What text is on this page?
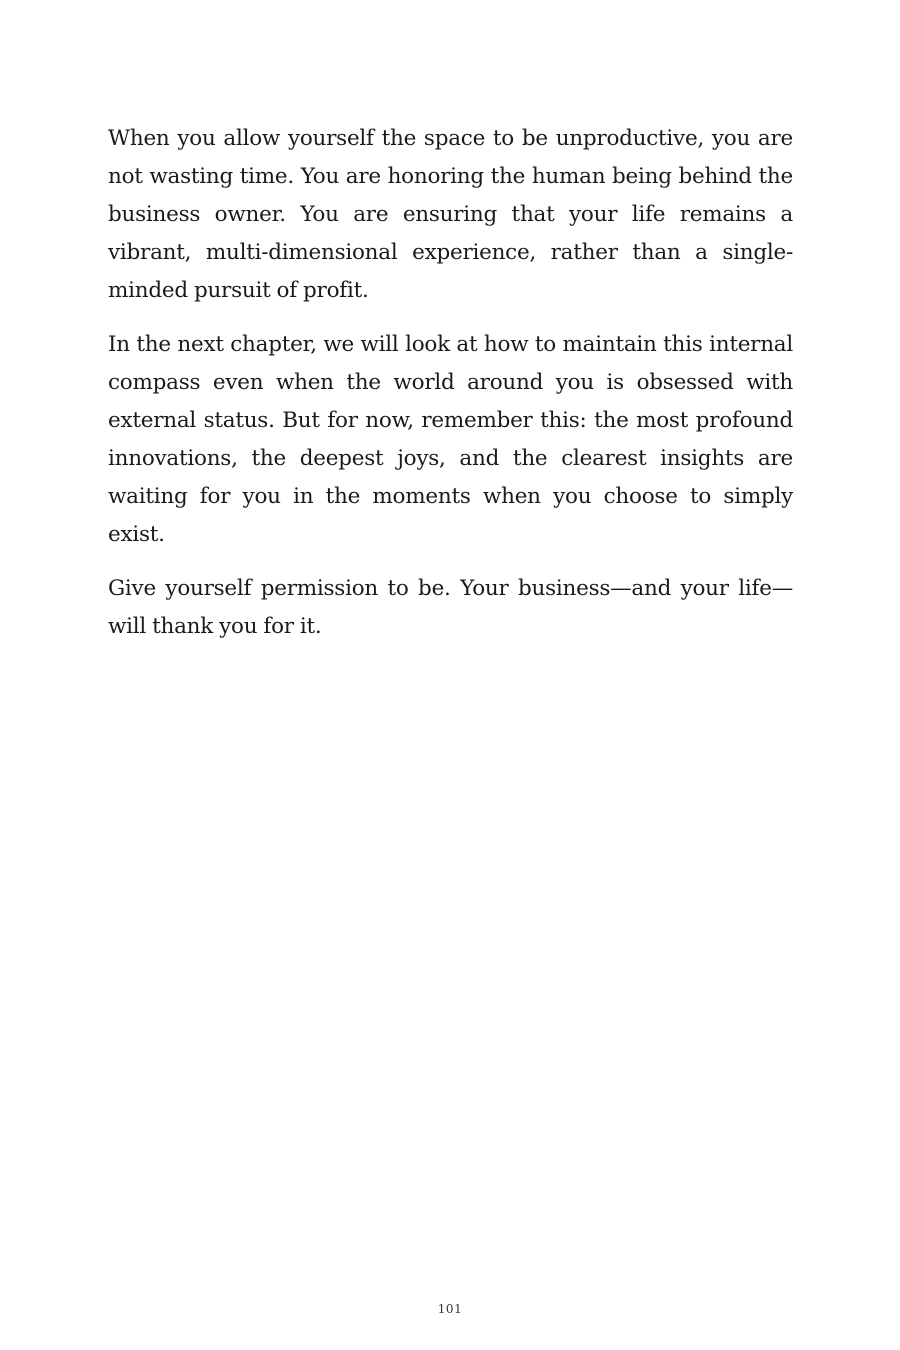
When you allow yourself the space to be unproductive, you are not wasting time. You are honoring the human being behind the business owner. You are ensuring that your life remains a vibrant, multi-dimensional experience, rather than a single-minded pursuit of profit.

In the next chapter, we will look at how to maintain this internal compass even when the world around you is obsessed with external status. But for now, remember this: the most profound innovations, the deepest joys, and the clearest insights are waiting for you in the moments when you choose to simply exist.

Give yourself permission to be. Your business—and your life—will thank you for it.

101
